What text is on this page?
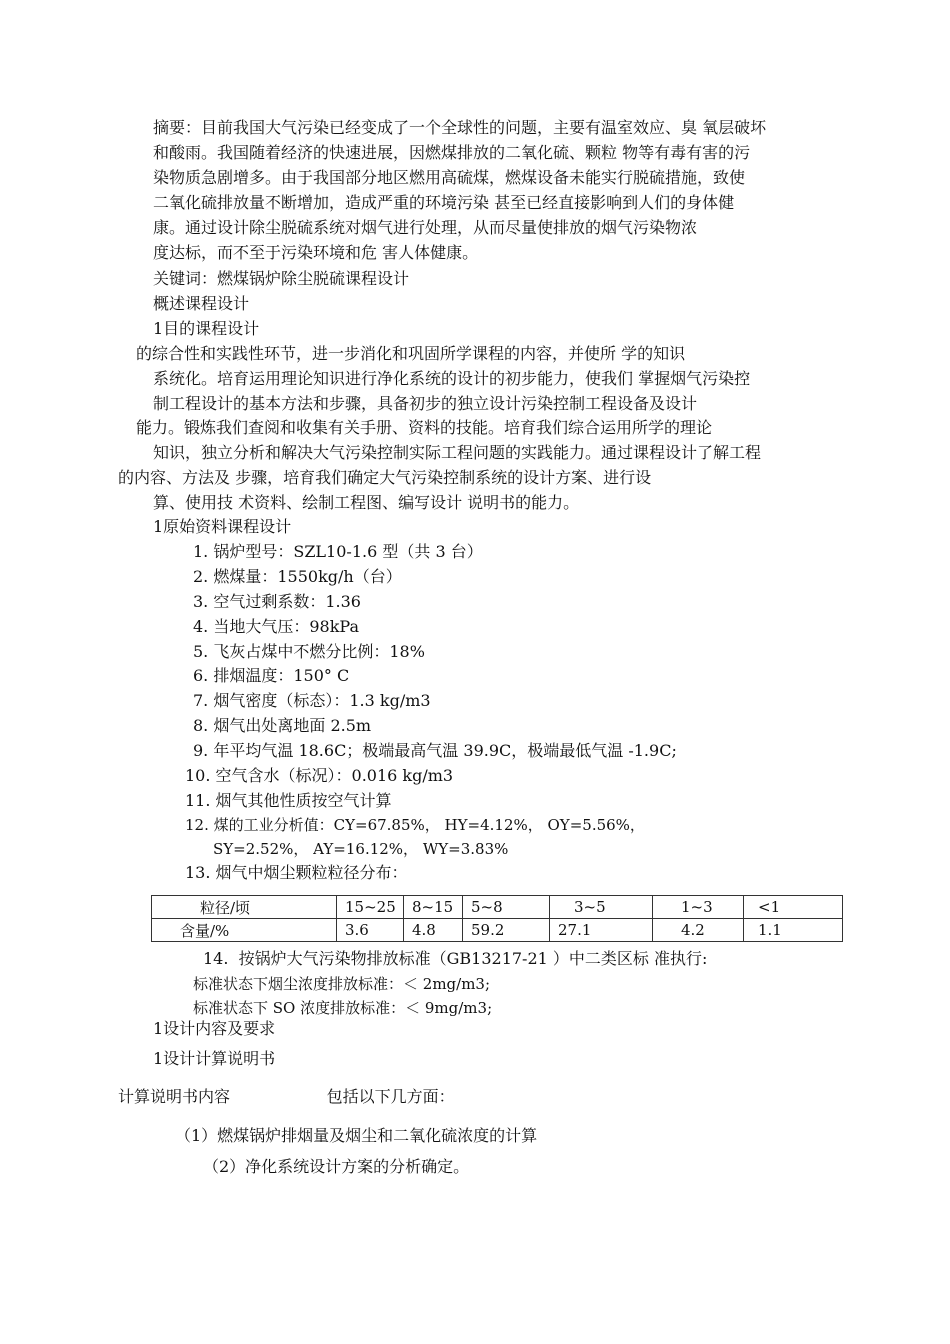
摘要：目前我国大气污染已经变成了一个全球性的问题，主要有温室效应、臭 氧层破坏
和酸雨。我国随着经济的快速进展，因燃煤排放的二氧化硫、颗粒 物等有毒有害的污
染物质急剧增多。由于我国部分地区燃用高硫煤，燃煤设备未能实行脱硫措施，致使
二氧化硫排放量不断增加，造成严重的环境污染 甚至已经直接影响到人们的身体健
康。通过设计除尘脱硫系统对烟气进行处理，从而尽量使排放的烟气污染物浓
度达标，而不至于污染环境和危 害人体健康。
关键词：燃煤锅炉除尘脱硫课程设计
概述课程设计
1目的课程设计
的综合性和实践性环节，进一步消化和巩固所学课程的内容，并使所 学的知识
系统化。培育运用理论知识进行净化系统的设计的初步能力，使我们 掌握烟气污染控
制工程设计的基本方法和步骤，具备初步的独立设计污染控制工程设备及设计
能力。锻炼我们查阅和收集有关手册、资料的技能。培育我们综合运用所学的理论
知识，独立分析和解决大气污染控制实际工程问题的实践能力。通过课程设计了解工程
的内容、方法及 步骤，培育我们确定大气污染控制系统的设计方案、进行设
算、使用技 术资料、绘制工程图、编写设计 说明书的能力。
1原始资料课程设计
1. 锅炉型号：SZL10-1.6 型（共 3 台）
2. 燃煤量：1550kg/h（台）
3. 空气过剩系数：1.36
4. 当地大气压：98kPa
5. 飞灰占煤中不燃分比例：18%
6. 排烟温度：150° C
7. 烟气密度（标态）：1.3 kg/m3
8. 烟气出处离地面 2.5m
9. 年平均气温 18.6C；极端最高气温 39.9C，极端最低气温 -1.9C;
10. 空气含水（标况）：0.016 kg/m3
11. 烟气其他性质按空气计算
12. 煤的工业分析值：CY=67.85%， HY=4.12%， OY=5.56%，
SY=2.52%， AY=16.12%， WY=3.83%
13. 烟气中烟尘颗粒粒径分布：
粒径/顷	15~25	8~15	5~8	3~5	1~3	<1
含量/%	3.6	4.8	59.2	27.1	4.2	1.1
14.  按锅炉大气污染物排放标准（GB13217-21 ）中二类区标 准执行:
标准状态下烟尘浓度排放标准：＜ 2mg/m3;
标准状态下 SO 浓度排放标准：＜ 9mg/m3;
1设计内容及要求
1设计计算说明书
计算说明书内容                   包括以下几方面：
（1）燃煤锅炉排烟量及烟尘和二氧化硫浓度的计算
（2）净化系统设计方案的分析确定。
